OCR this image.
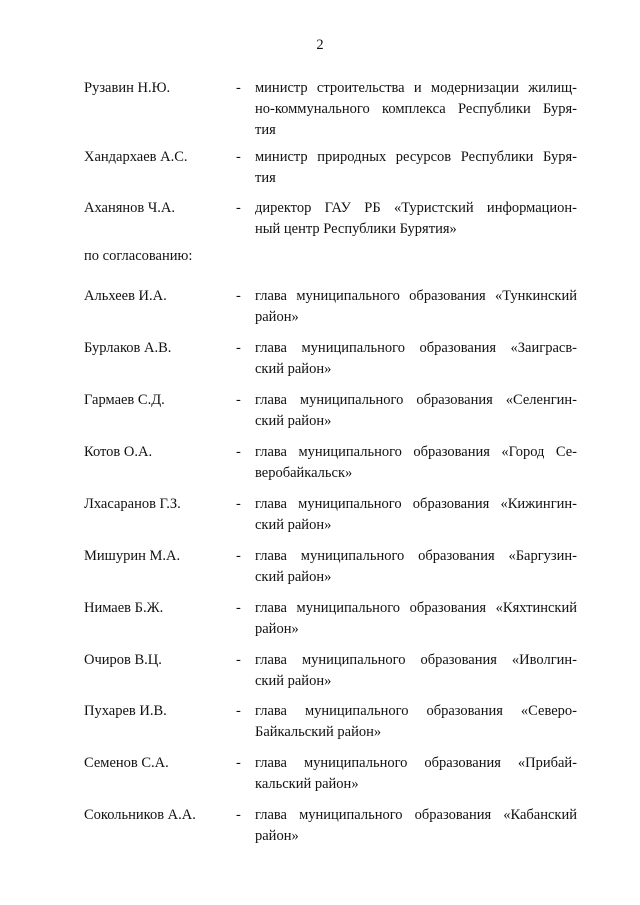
2
Рузавин Н.Ю.	- министр строительства и модернизации жилищ-
но-коммунального комплекса Республики Буря-
тия
Хандархаев А.С.	- министр природных ресурсов Республики Буря-
тия
Аханянов Ч.А.	- директор ГАУ РБ «Туристский информацион-
ный центр Республики Бурятия»
по согласованию:
Альхеев И.А.	- глава муниципального образования «Тункинский
район»
Бурлаков А.В.	- глава муниципального образования «Заиграсв-
ский район»
Гармаев С.Д.	- глава муниципального образования «Селенгин-
ский район»
Котов О.А.	- глава муниципального образования «Город Се-
веробайкальск»
Лхасаранов Г.З.	- глава муниципального образования «Кижингин-
ский район»
Мишурин М.А.	- глава муниципального образования «Баргузин-
ский район»
Нимаев Б.Ж.	- глава муниципального образования «Кяхтинский
район»
Очиров В.Ц.	- глава муниципального образования «Иволгин-
ский район»
Пухарев И.В.	- глава муниципального образования «Северо-
Байкальский район»
Семенов С.А.	- глава муниципального образования «Прибай-
кальский район»
Сокольников А.А.	- глава муниципального образования «Кабанский
район»
